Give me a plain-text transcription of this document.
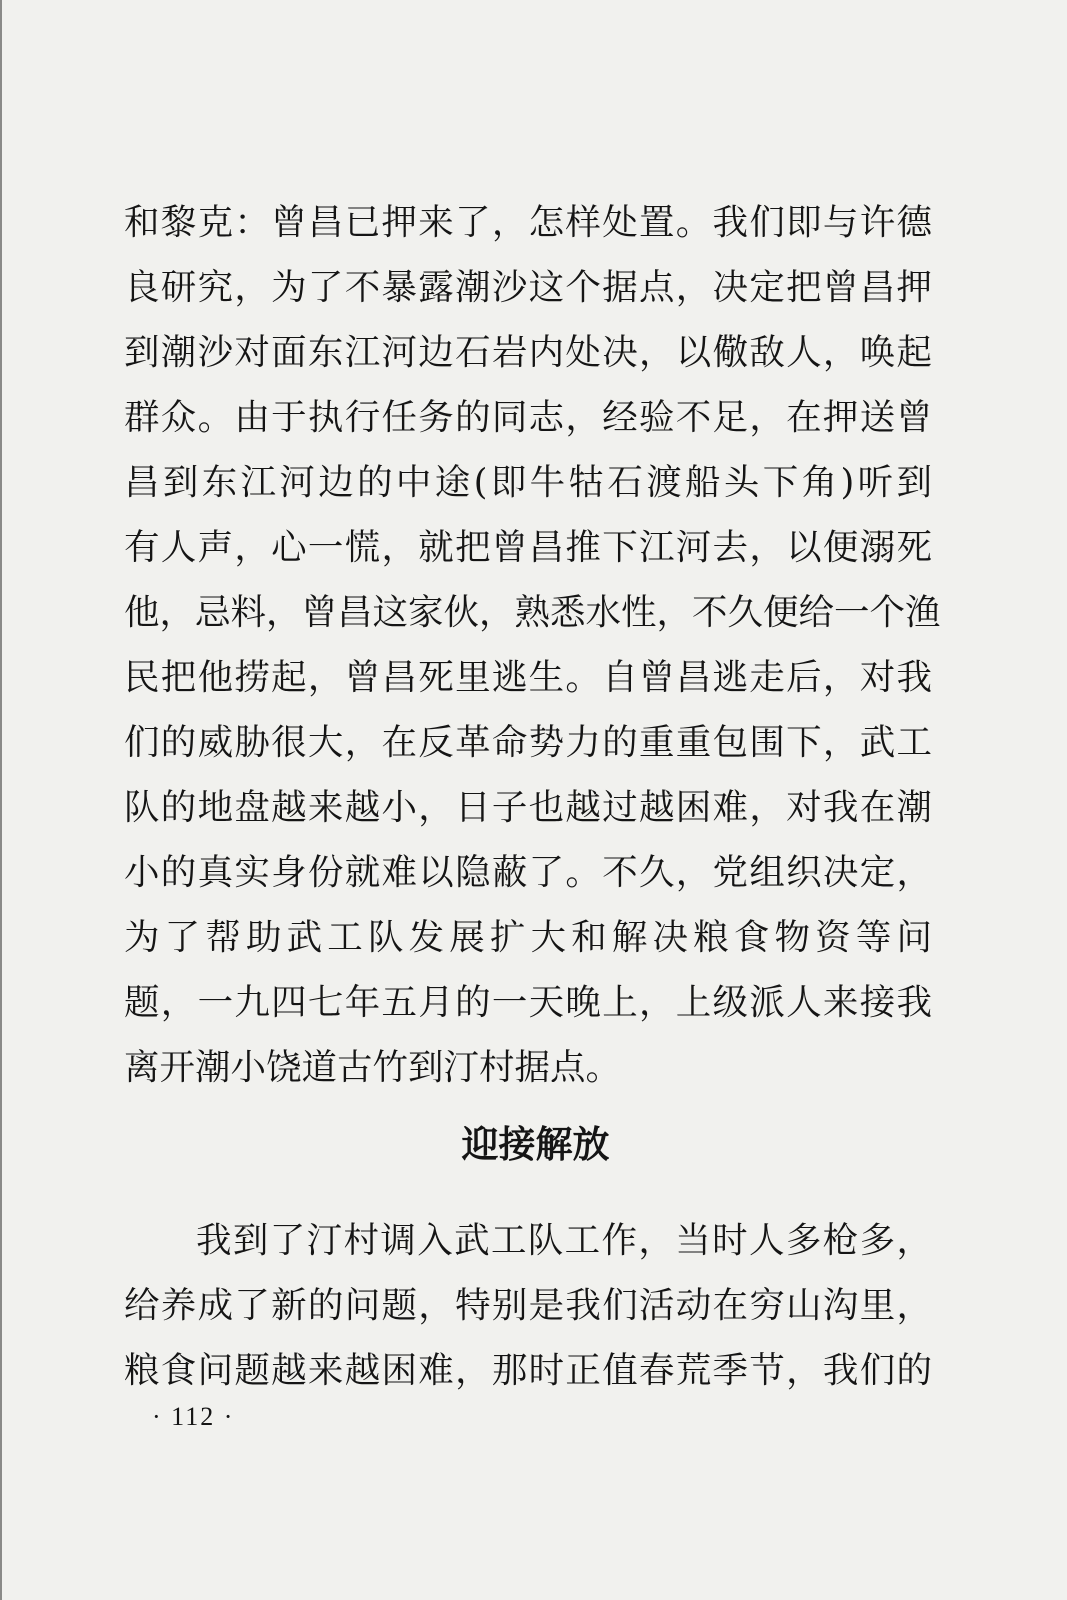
和黎克：曾昌已押来了，怎样处置。我们即与许德
良研究，为了不暴露潮沙这个据点，决定把曾昌押
到潮沙对面东江河边石岩内处决，以儆敌人，唤起
群众。由于执行任务的同志，经验不足，在押送曾
昌到东江河边的中途(即牛牯石渡船头下角)听到
有人声，心一慌，就把曾昌推下江河去，以便溺死
他，忌料，曾昌这家伙，熟悉水性，不久便给一个渔
民把他捞起，曾昌死里逃生。自曾昌逃走后，对我
们的威胁很大，在反革命势力的重重包围下，武工
队的地盘越来越小，日子也越过越困难，对我在潮
小的真实身份就难以隐蔽了。不久，党组织决定，
为了帮助武工队发展扩大和解决粮食物资等问
题，一九四七年五月的一天晚上，上级派人来接我
离开潮小饶道古竹到汀村据点。
迎接解放
我到了汀村调入武工队工作，当时人多枪多，
给养成了新的问题，特别是我们活动在穷山沟里，
粮食问题越来越困难，那时正值春荒季节，我们的
· 112 ·
